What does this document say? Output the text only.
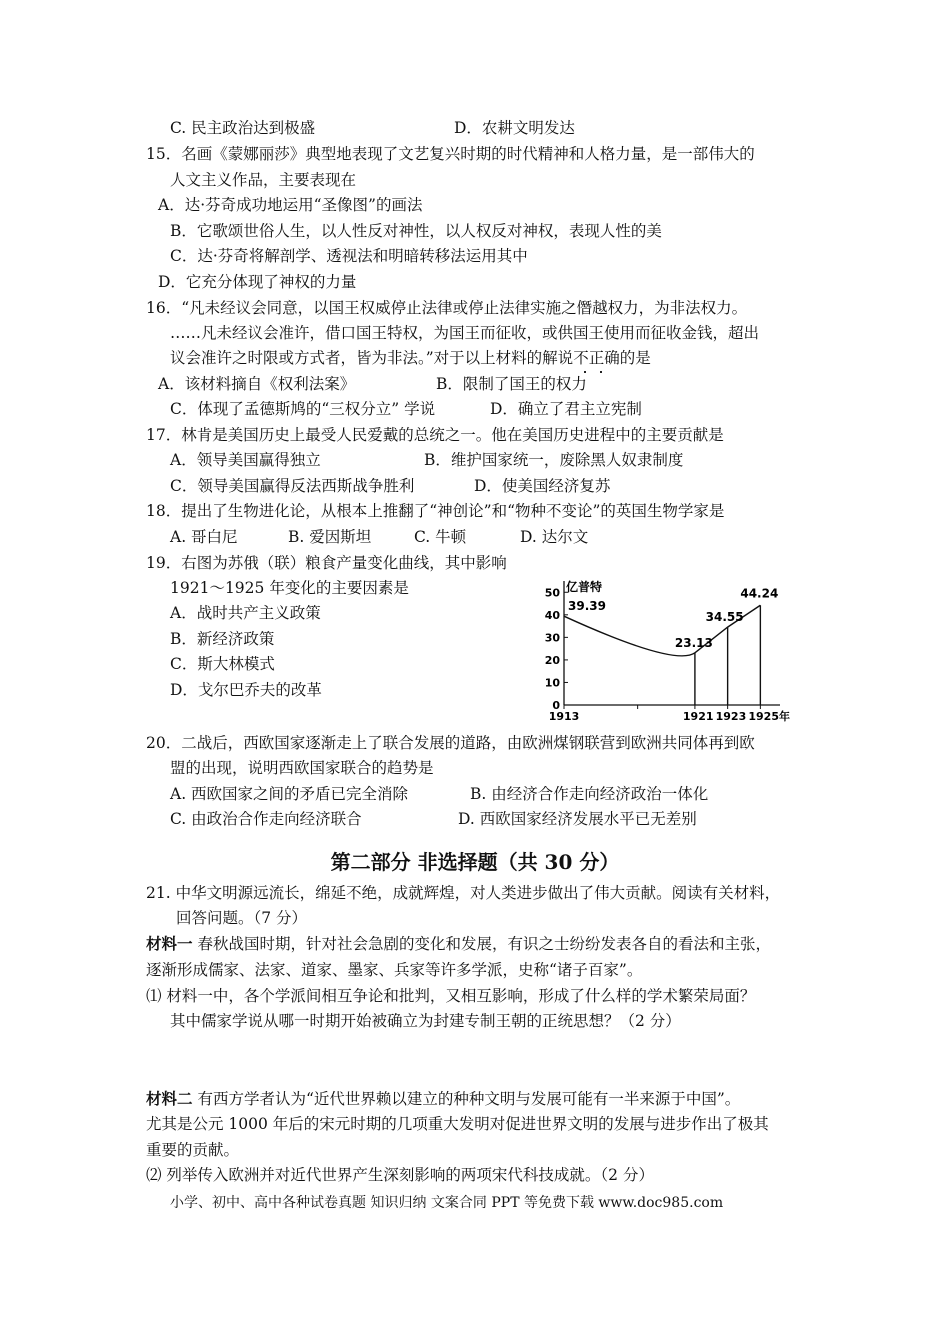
C. 民主政治达到极盛	D．农耕文明发达
15．名画《蒙娜丽莎》典型地表现了文艺复兴时期的时代精神和人格力量，是一部伟大的
人文主义作品，主要表现在
A．达·芬奇成功地运用“圣像图”的画法
B．它歌颂世俗人生，以人性反对神性，以人权反对神权，表现人性的美
C．达·芬奇将解剖学、透视法和明暗转移法运用其中
D．它充分体现了神权的力量
16．“凡未经议会同意，以国王权威停止法律或停止法律实施之僭越权力，为非法权力。
……凡未经议会准许，借口国王特权，为国王而征收，或供国王使用而征收金钱，超出
议会准许之时限或方式者，皆为非法。”对于以上材料的解说不正确的是
A．该材料摘自《权利法案》	B．限制了国王的权力
C．体现了孟德斯鸠的“三权分立” 学说	D．确立了君主立宪制
17．林肯是美国历史上最受人民爱戴的总统之一。他在美国历史进程中的主要贡献是
A．领导美国赢得独立	B．维护国家统一，废除黑人奴隶制度
C．领导美国赢得反法西斯战争胜利	D．使美国经济复苏
18．提出了生物进化论，从根本上推翻了“神创论”和“物种不变论”的英国生物学家是
A. 哥白尼	B. 爱因斯坦	C. 牛顿	D. 达尔文
19．右图为苏俄（联）粮食产量变化曲线，其中影响
1921～1925 年变化的主要因素是
A．战时共产主义政策
B．新经济政策
C．斯大林模式
D．戈尔巴乔夫的改革
亿普特
0
10
20
30
40
50
1913	1921 1923 1925年
39.39
23.13
34.55
44.24
20．二战后，西欧国家逐渐走上了联合发展的道路，由欧洲煤钢联营到欧洲共同体再到欧
盟的出现，说明西欧国家联合的趋势是
A. 西欧国家之间的矛盾已完全消除	B. 由经济合作走向经济政治一体化
C. 由政治合作走向经济联合	D. 西欧国家经济发展水平已无差别
第二部分 非选择题（共 30 分）
21. 中华文明源远流长，绵延不绝，成就辉煌，对人类进步做出了伟大贡献。阅读有关材料，
回答问题。（7 分）
材料一 春秋战国时期，针对社会急剧的变化和发展，有识之士纷纷发表各自的看法和主张，
逐渐形成儒家、法家、道家、墨家、兵家等许多学派，史称“诸子百家”。
⑴ 材料一中，各个学派间相互争论和批判，又相互影响，形成了什么样的学术繁荣局面？
其中儒家学说从哪一时期开始被确立为封建专制王朝的正统思想？（2 分）
材料二 有西方学者认为“近代世界赖以建立的种种文明与发展可能有一半来源于中国”。
尤其是公元 1000 年后的宋元时期的几项重大发明对促进世界文明的发展与进步作出了极其
重要的贡献。
⑵ 列举传入欧洲并对近代世界产生深刻影响的两项宋代科技成就。（2 分）
小学、初中、高中各种试卷真题 知识归纳 文案合同 PPT 等免费下载 www.doc985.com
